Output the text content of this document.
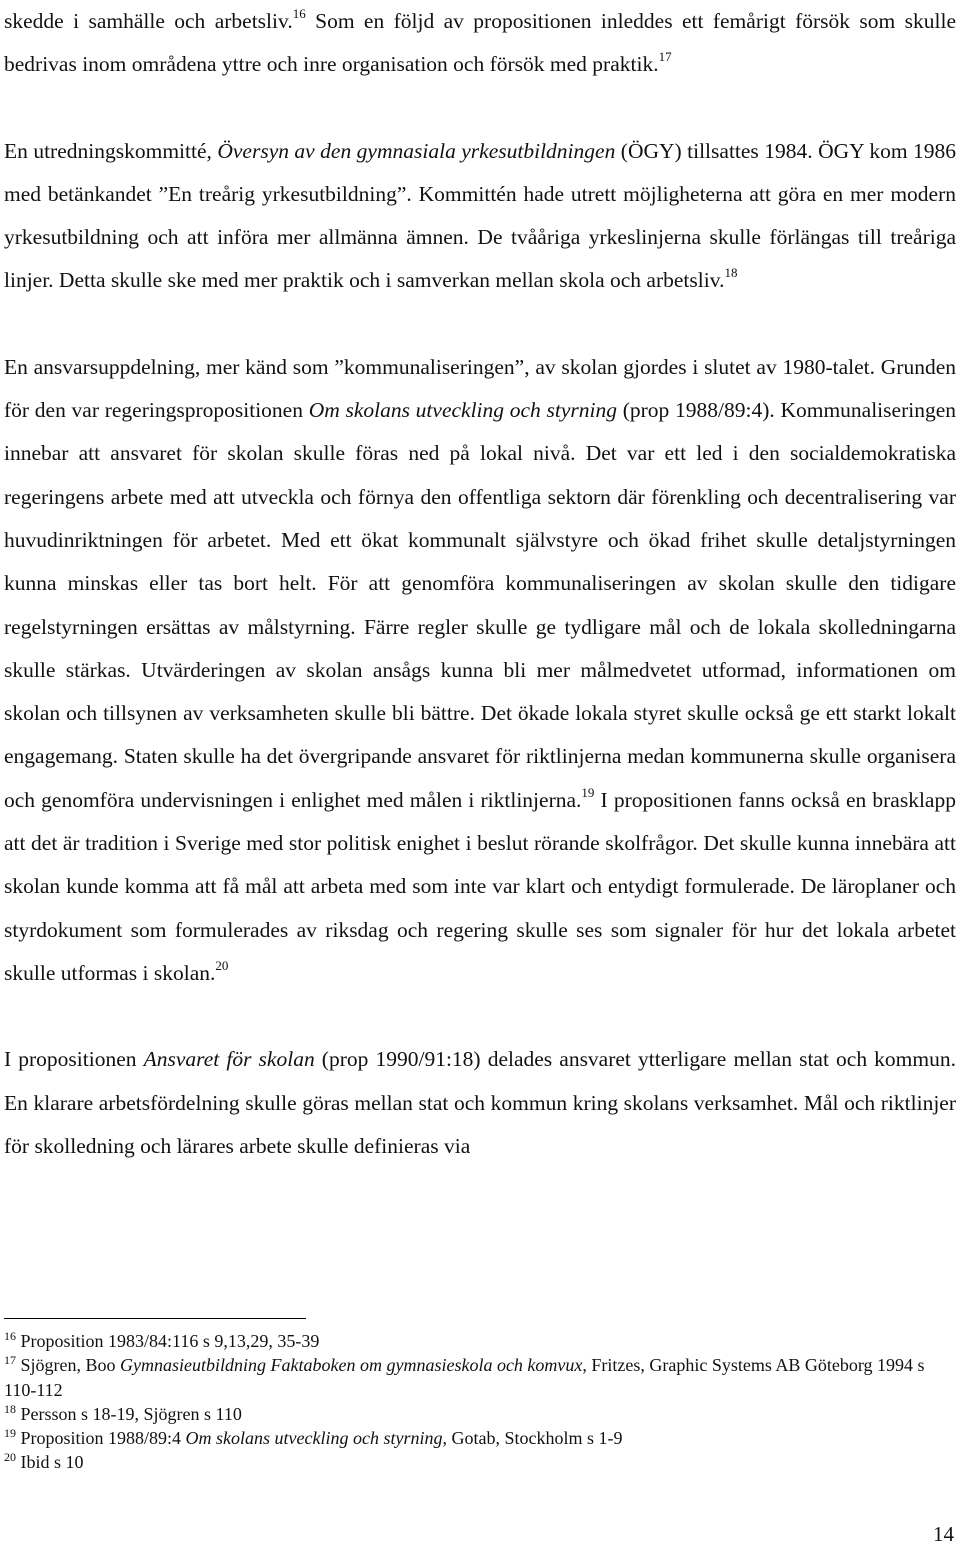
skedde i samhälle och arbetsliv.$^{16}$ Som en följd av propositionen inleddes ett femårigt försök som skulle bedrivas inom områdena yttre och inre organisation och försök med praktik.$^{17}$

En utredningskommitté, Översyn av den gymnasiala yrkesutbildningen (ÖGY) tillsattes 1984. ÖGY kom 1986 med betänkandet ”En treårig yrkesutbildning”. Kommittén hade utrett möjligheterna att göra en mer modern yrkesutbildning och att införa mer allmänna ämnen. De tvååriga yrkeslinjerna skulle förlängas till treåriga linjer. Detta skulle ske med mer praktik och i samverkan mellan skola och arbetsliv.$^{18}$

En ansvarsuppdelning, mer känd som ”kommunaliseringen”, av skolan gjordes i slutet av 1980-talet. Grunden för den var regeringspropositionen Om skolans utveckling och styrning (prop 1988/89:4). Kommunaliseringen innebar att ansvaret för skolan skulle föras ned på lokal nivå. Det var ett led i den socialdemokratiska regeringens arbete med att utveckla och förnya den offentliga sektorn där förenkling och decentralisering var huvudinriktningen för arbetet. Med ett ökat kommunalt självstyre och ökad frihet skulle detaljstyrningen kunna minskas eller tas bort helt. För att genomföra kommunaliseringen av skolan skulle den tidigare regelstyrningen ersättas av målstyrning. Färre regler skulle ge tydligare mål och de lokala skolledningarna skulle stärkas. Utvärderingen av skolan ansågs kunna bli mer målmedvetet utformad, informationen om skolan och tillsynen av verksamheten skulle bli bättre. Det ökade lokala styret skulle också ge ett starkt lokalt engagemang. Staten skulle ha det övergripande ansvaret för riktlinjerna medan kommunerna skulle organisera och genomföra undervisningen i enlighet med målen i riktlinjerna.$^{19}$ I propositionen fanns också en brasklapp att det är tradition i Sverige med stor politisk enighet i beslut rörande skolfrågor. Det skulle kunna innebära att skolan kunde komma att få mål att arbeta med som inte var klart och entydigt formulerade. De läroplaner och styrdokument som formulerades av riksdag och regering skulle ses som signaler för hur det lokala arbetet skulle utformas i skolan.$^{20}$

I propositionen Ansvaret för skolan (prop 1990/91:18) delades ansvaret ytterligare mellan stat och kommun. En klarare arbetsfördelning skulle göras mellan stat och kommun kring skolans verksamhet. Mål och riktlinjer för skolledning och lärares arbete skulle definieras via

$^{16}$ Proposition 1983/84:116 s 9,13,29, 35-39

$^{17}$ Sjögren, Boo Gymnasieutbildning Faktaboken om gymnasieskola och komvux, Fritzes, Graphic Systems AB Göteborg 1994 s 110-112

$^{18}$ Persson s 18-19, Sjögren s 110

$^{19}$ Proposition 1988/89:4 Om skolans utveckling och styrning, Gotab, Stockholm s 1-9

$^{20}$ Ibid s 10

14
